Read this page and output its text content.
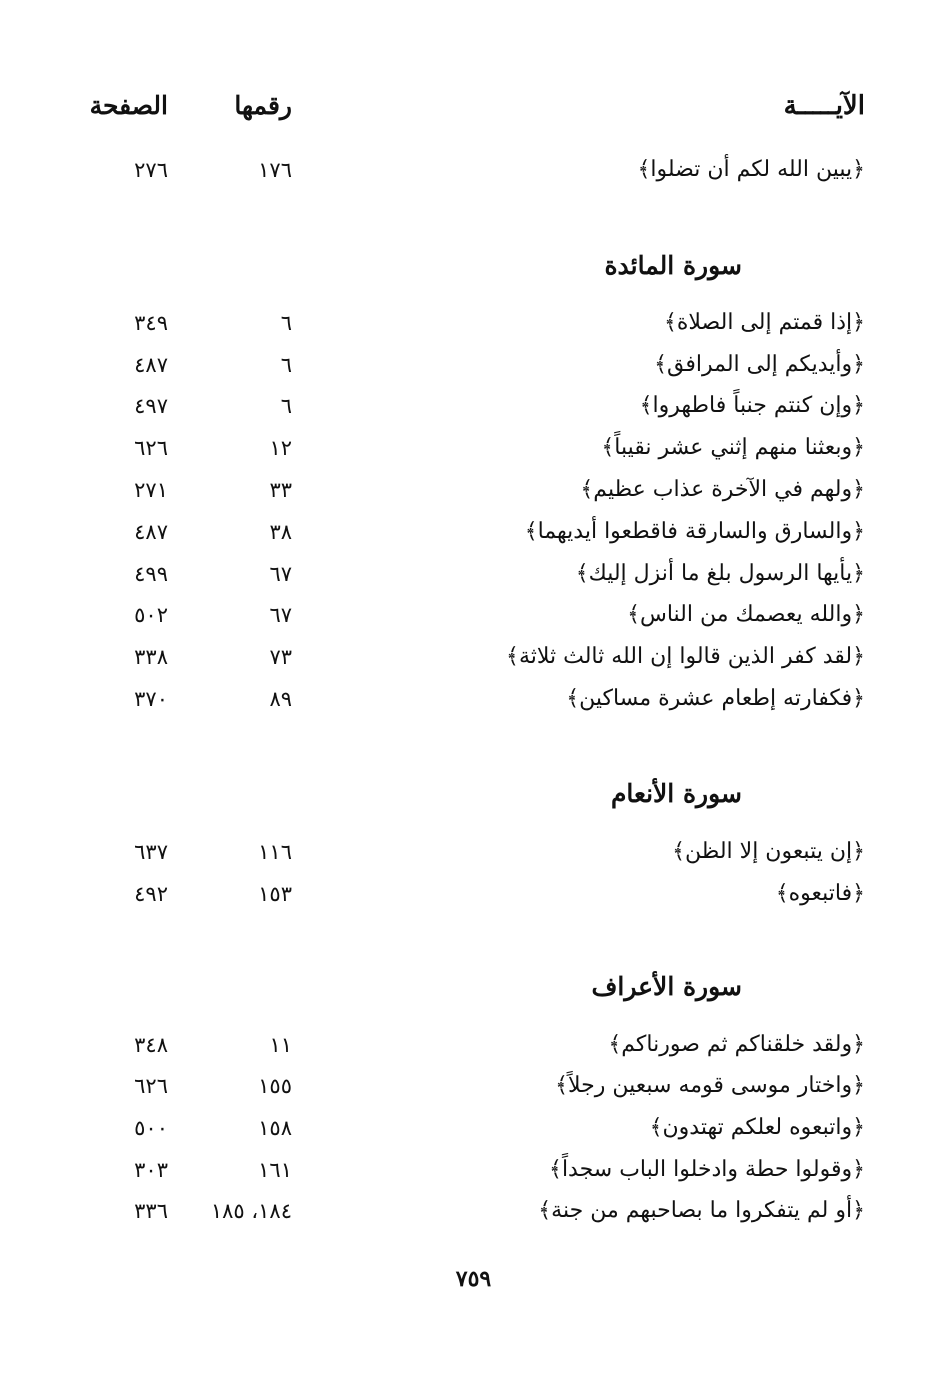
الآيـــــة
رقمها
الصفحة
﴿يبين الله لكم أن تضلوا﴾
١٧٦
٢٧٦
سورة المائدة
﴿إذا قمتم إلى الصلاة﴾
٦
٣٤٩
﴿وأيديكم إلى المرافق﴾
٦
٤٨٧
﴿وإن كنتم جنباً فاطهروا﴾
٦
٤٩٧
﴿وبعثنا منهم إثني عشر نقيباً﴾
١٢
٦٢٦
﴿ولهم في الآخرة عذاب عظيم﴾
٣٣
٢٧١
﴿والسارق والسارقة فاقطعوا أيديهما﴾
٣٨
٤٨٧
﴿يأيها الرسول بلغ ما أنزل إليك﴾
٦٧
٤٩٩
﴿والله يعصمك من الناس﴾
٦٧
٥٠٢
﴿لقد كفر الذين قالوا إن الله ثالث ثلاثة﴾
٧٣
٣٣٨
﴿فكفارته إطعام عشرة مساكين﴾
٨٩
٣٧٠
سورة الأنعام
﴿إن يتبعون إلا الظن﴾
١١٦
٦٣٧
﴿فاتبعوه﴾
١٥٣
٤٩٢
سورة الأعراف
﴿ولقد خلقناكم ثم صورناكم﴾
١١
٣٤٨
﴿واختار موسى قومه سبعين رجلاً﴾
١٥٥
٦٢٦
﴿واتبعوه لعلكم تهتدون﴾
١٥٨
٥٠٠
﴿وقولوا حطة وادخلوا الباب سجداً﴾
١٦١
٣٠٣
﴿أو لم يتفكروا ما بصاحبهم من جنة﴾
١٨٤، ١٨٥
٣٣٦
٧٥٩
